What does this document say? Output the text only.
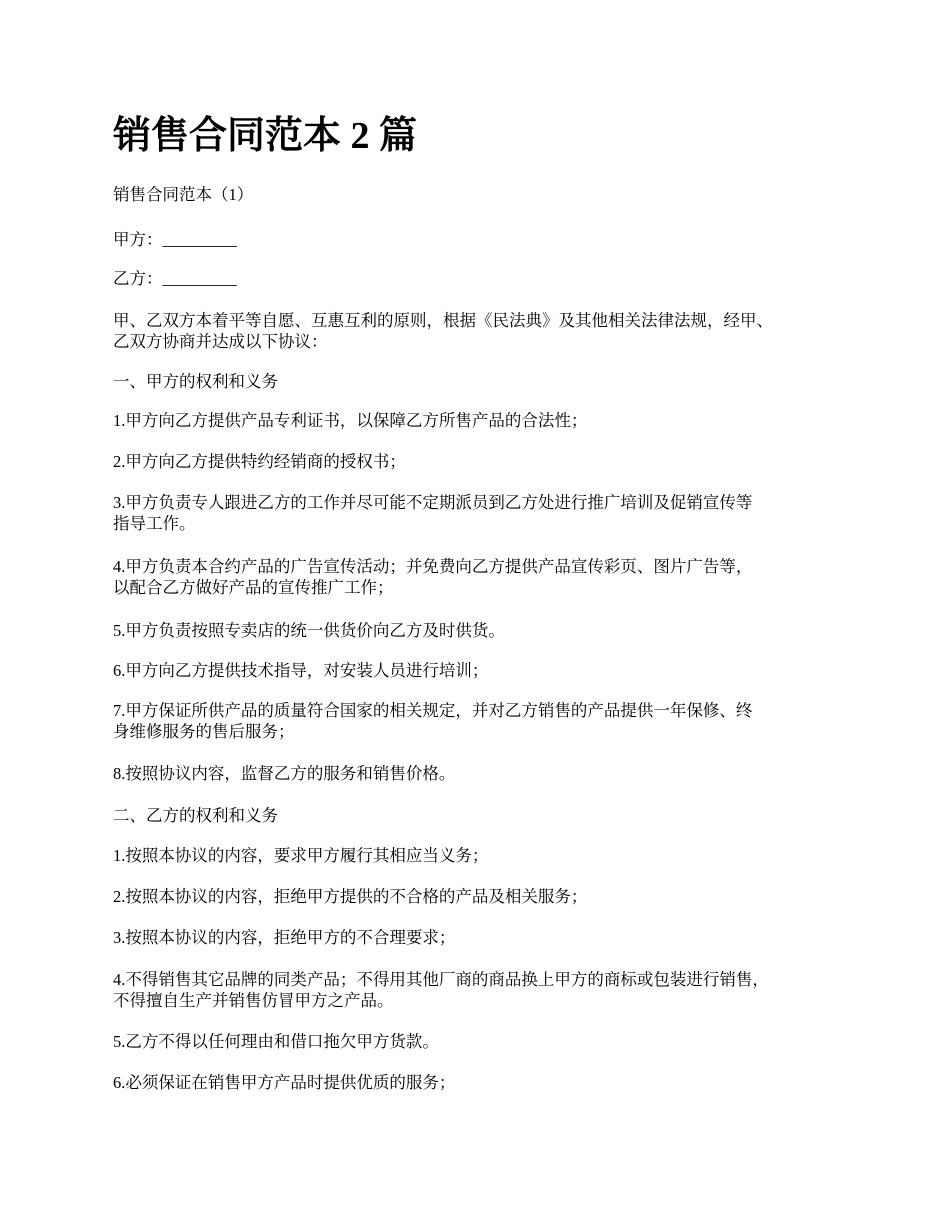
销售合同范本 2 篇

销售合同范本（1）

甲方：_________

乙方：_________

甲、乙双方本着平等自愿、互惠互利的原则，根据《民法典》及其他相关法律法规，经甲、
乙双方协商并达成以下协议：

一、甲方的权利和义务

1.甲方向乙方提供产品专利证书，以保障乙方所售产品的合法性；

2.甲方向乙方提供特约经销商的授权书；

3.甲方负责专人跟进乙方的工作并尽可能不定期派员到乙方处进行推广培训及促销宣传等
指导工作。
4.甲方负责本合约产品的广告宣传活动；并免费向乙方提供产品宣传彩页、图片广告等，
以配合乙方做好产品的宣传推广工作；

5.甲方负责按照专卖店的统一供货价向乙方及时供货。

6.甲方向乙方提供技术指导，对安装人员进行培训；

7.甲方保证所供产品的质量符合国家的相关规定，并对乙方销售的产品提供一年保修、终
身维修服务的售后服务；

8.按照协议内容，监督乙方的服务和销售价格。

二、乙方的权利和义务

1.按照本协议的内容，要求甲方履行其相应当义务；

2.按照本协议的内容，拒绝甲方提供的不合格的产品及相关服务；

3.按照本协议的内容，拒绝甲方的不合理要求；

4.不得销售其它品牌的同类产品；不得用其他厂商的商品换上甲方的商标或包装进行销售，
不得擅自生产并销售仿冒甲方之产品。

5.乙方不得以任何理由和借口拖欠甲方货款。

6.必须保证在销售甲方产品时提供优质的服务；
